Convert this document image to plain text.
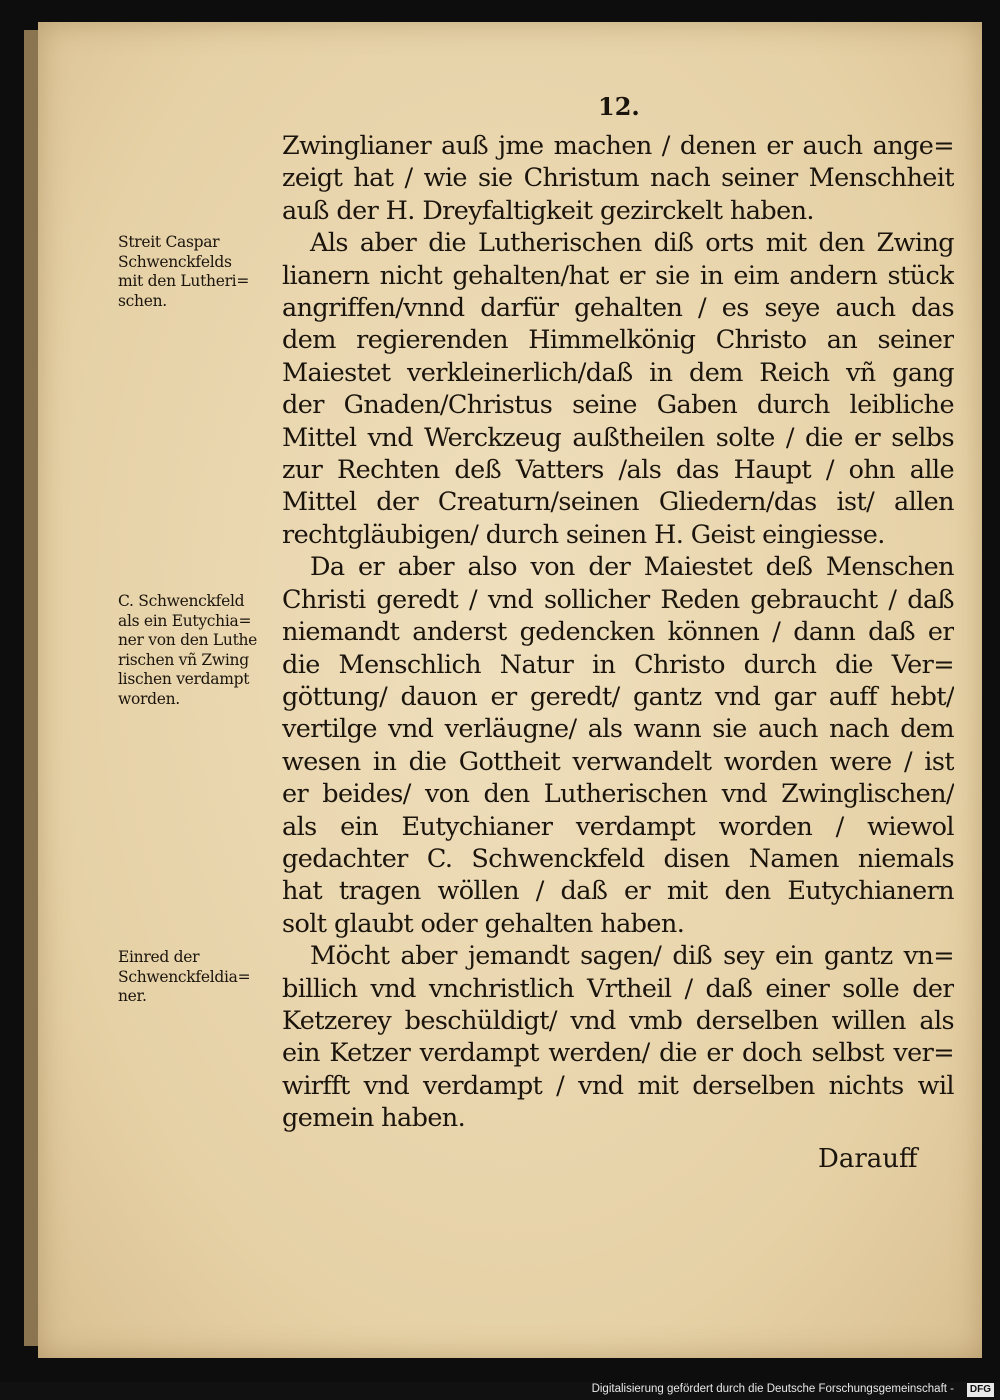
12.
Zwinglianer auß jme machen / denen er auch ange=
zeigt hat / wie sie Christum nach seiner Menschheit
auß der H. Dreyfaltigkeit gezirckelt haben.
Als aber die Lutherischen diß orts mit den Zwing
lianern nicht gehalten/hat er sie in eim andern stück
angriffen/vnnd darfür gehalten / es seye auch das
dem regierenden Himmelkönig Christo an seiner
Maiestet verkleinerlich/daß in dem Reich vñ gang
der Gnaden/Christus seine Gaben durch leibliche
Mittel vnd Werckzeug außtheilen solte / die er selbs
zur Rechten deß Vatters /als das Haupt / ohn alle
Mittel der Creaturn/seinen Gliedern/das ist/ allen
rechtgläubigen/ durch seinen H. Geist eingiesse.
Da er aber also von der Maiestet deß Menschen
Christi geredt / vnd sollicher Reden gebraucht / daß
niemandt anderst gedencken können / dann daß er
die Menschlich Natur in Christo durch die Ver=
göttung/ dauon er geredt/ gantz vnd gar auff hebt/
vertilge vnd verläugne/ als wann sie auch nach dem
wesen in die Gottheit verwandelt worden were / ist
er beides/ von den Lutherischen vnd Zwinglischen/
als ein Eutychianer verdampt worden / wiewol
gedachter C. Schwenckfeld disen Namen niemals
hat tragen wöllen / daß er mit den Eutychianern
solt glaubt oder gehalten haben.
Möcht aber jemandt sagen/ diß sey ein gantz vn=
billich vnd vnchristlich Vrtheil / daß einer solle der
Ketzerey beschüldigt/ vnd vmb derselben willen als
ein Ketzer verdampt werden/ die er doch selbst ver=
wirfft vnd verdampt / vnd mit derselben nichts wil
gemein haben.
Streit Caspar
Schwenckfelds
mit den Lutheri=
schen.
C. Schwenckfeld
als ein Eutychia=
ner von den Luthe
rischen vñ Zwing
lischen verdampt
worden.
Einred der
Schwenckfeldia=
ner.
Darauff
Digitalisierung gefördert durch die Deutsche Forschungsgemeinschaft -	DFG
